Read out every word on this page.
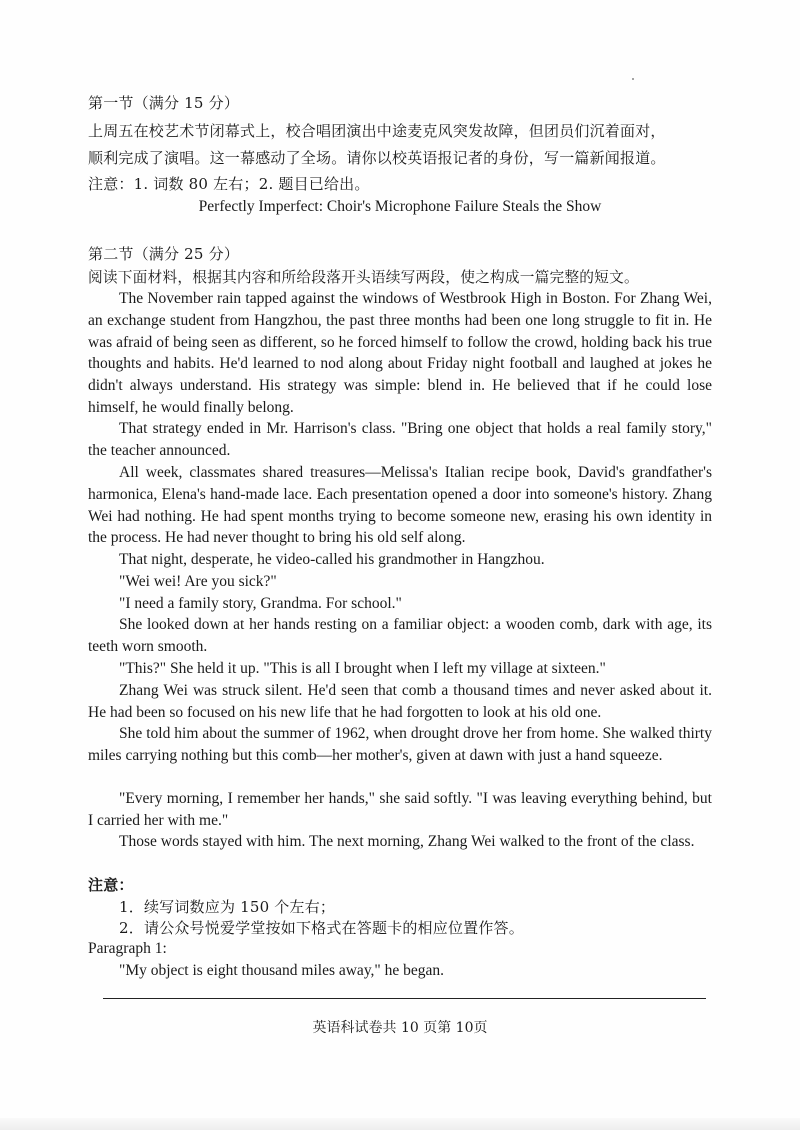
第一节（满分 15 分）
上周五在校艺术节闭幕式上，校合唱团演出中途麦克风突发故障，但团员们沉着面对，
顺利完成了演唱。这一幕感动了全场。请你以校英语报记者的身份，写一篇新闻报道。
注意：1. 词数 80 左右；2. 题目已给出。
Perfectly Imperfect: Choir's Microphone Failure Steals the Show
第二节（满分 25 分）
阅读下面材料，根据其内容和所给段落开头语续写两段，使之构成一篇完整的短文。
The November rain tapped against the windows of Westbrook High in Boston. For Zhang Wei, an exchange student from Hangzhou, the past three months had been one long struggle to fit in. He was afraid of being seen as different, so he forced himself to follow the crowd, holding back his true thoughts and habits. He'd learned to nod along about Friday night football and laughed at jokes he didn't always understand. His strategy was simple: blend in. He believed that if he could lose himself, he would finally belong.
That strategy ended in Mr. Harrison's class. "Bring one object that holds a real family story," the teacher announced.
All week, classmates shared treasures—Melissa's Italian recipe book, David's grandfather's harmonica, Elena's hand-made lace. Each presentation opened a door into someone's history. Zhang Wei had nothing. He had spent months trying to become someone new, erasing his own identity in the process. He had never thought to bring his old self along.
That night, desperate, he video-called his grandmother in Hangzhou.
"Wei wei! Are you sick?"
"I need a family story, Grandma. For school."
She looked down at her hands resting on a familiar object: a wooden comb, dark with age, its teeth worn smooth.
"This?" She held it up. "This is all I brought when I left my village at sixteen."
Zhang Wei was struck silent. He'd seen that comb a thousand times and never asked about it. He had been so focused on his new life that he had forgotten to look at his old one.
She told him about the summer of 1962, when drought drove her from home. She walked thirty miles carrying nothing but this comb—her mother's, given at dawn with just a hand squeeze.
"Every morning, I remember her hands," she said softly. "I was leaving everything behind, but I carried her with me."
Those words stayed with him. The next morning, Zhang Wei walked to the front of the class.
注意：
1．续写词数应为 150 个左右；
2．请公众号悦爱学堂按如下格式在答题卡的相应位置作答。
Paragraph 1:
"My object is eight thousand miles away," he began.
英语科试卷共 10 页第 10页
